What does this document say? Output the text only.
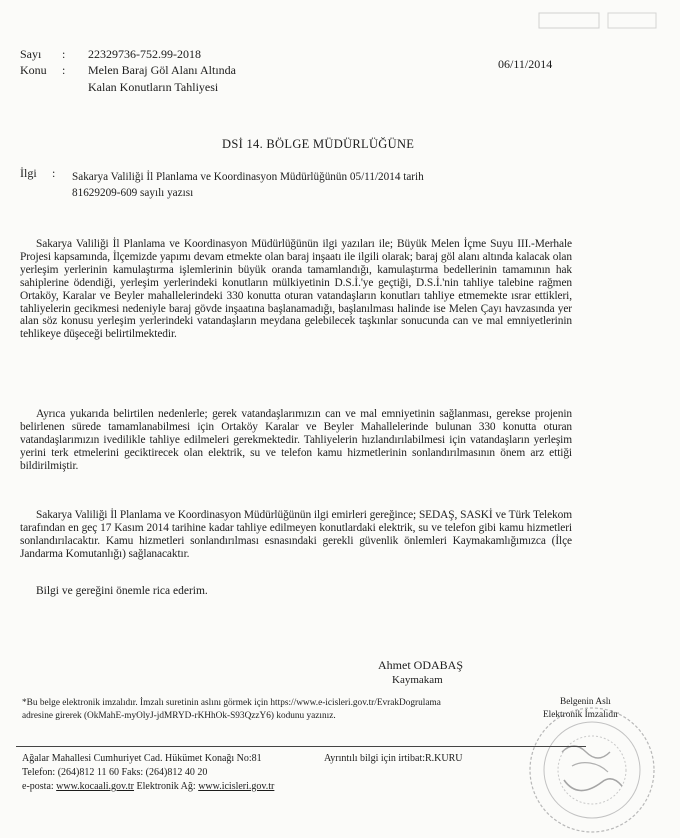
Sayı : 22329736-752.99-2018
Konu : Melen Baraj Göl Alanı Altında
Kalan Konutların Tahliyesi
06/11/2014
DSİ 14. BÖLGE MÜDÜRLÜĞÜNE
İlgi : Sakarya Valiliği İl Planlama ve Koordinasyon Müdürlüğünün 05/11/2014 tarih
81629209-609 sayılı yazısı
Sakarya Valiliği İl Planlama ve Koordinasyon Müdürlüğünün ilgi yazıları ile; Büyük Melen İçme Suyu III.-Merhale Projesi kapsamında, İlçemizde yapımı devam etmekte olan baraj inşaatı ile ilgili olarak; baraj göl alanı altında kalacak olan yerleşim yerlerinin kamulaştırma işlemlerinin büyük oranda tamamlandığı, kamulaştırma bedellerinin tamamının hak sahiplerine ödendiği, yerleşim yerlerindeki konutların mülkiyetinin D.S.İ.'ye geçtiği, D.S.İ.'nin tahliye talebine rağmen Ortaköy, Karalar ve Beyler mahallelerindeki 330 konutta oturan vatandaşların konutları tahliye etmemekte ısrar ettikleri, tahliyelerin gecikmesi nedeniyle baraj gövde inşaatına başlanamadığı, başlanılması halinde ise Melen Çayı havzasında yer alan söz konusu yerleşim yerlerindeki vatandaşların meydana gelebilecek taşkınlar sonucunda can ve mal emniyetlerinin tehlikeye düşeceği belirtilmektedir.
Ayrıca yukarıda belirtilen nedenlerle; gerek vatandaşlarımızın can ve mal emniyetinin sağlanması, gerekse projenin belirlenen sürede tamamlanabilmesi için Ortaköy Karalar ve Beyler Mahallelerinde bulunan 330 konutta oturan vatandaşlarımızın ivedilikle tahliye edilmeleri gerekmektedir. Tahliyelerin hızlandırılabilmesi için vatandaşların yerleşim yerini terk etmelerini geciktirecek olan elektrik, su ve telefon kamu hizmetlerinin sonlandırılmasının önem arz ettiği bildirilmiştir.
Sakarya Valiliği İl Planlama ve Koordinasyon Müdürlüğünün ilgi emirleri gereğince; SEDAŞ, SASKİ ve Türk Telekom tarafından en geç 17 Kasım 2014 tarihine kadar tahliye edilmeyen konutlardaki elektrik, su ve telefon gibi kamu hizmetleri sonlandırılacaktır. Kamu hizmetleri sonlandırılması esnasındaki gerekli güvenlik önlemleri Kaymakamlığımızca (İlçe Jandarma Komutanlığı) sağlanacaktır.
Bilgi ve gereğini önemle rica ederim.
Ahmet ODABAŞ
Kaymakam
*Bu belge elektronik imzalıdır. İmzalı suretinin aslını görmek için https://www.e-icisleri.gov.tr/EvrakDogrulama
adresine girerek (OkMahE-myOlyJ-jdMRYD-rKHhOk-S93QzzY6) kodunu yazınız.
Belgenin Aslı
Elektronik İmzalıdır
Ağalar Mahallesi Cumhuriyet Cad. Hükümet Konağı No:81	Ayrıntılı bilgi için irtibat:R.KURU
Telefon: (264)812 11 60 Faks: (264)812 40 20
e-posta: www.kocaali.gov.tr Elektronik Ağ: www.icisleri.gov.tr
